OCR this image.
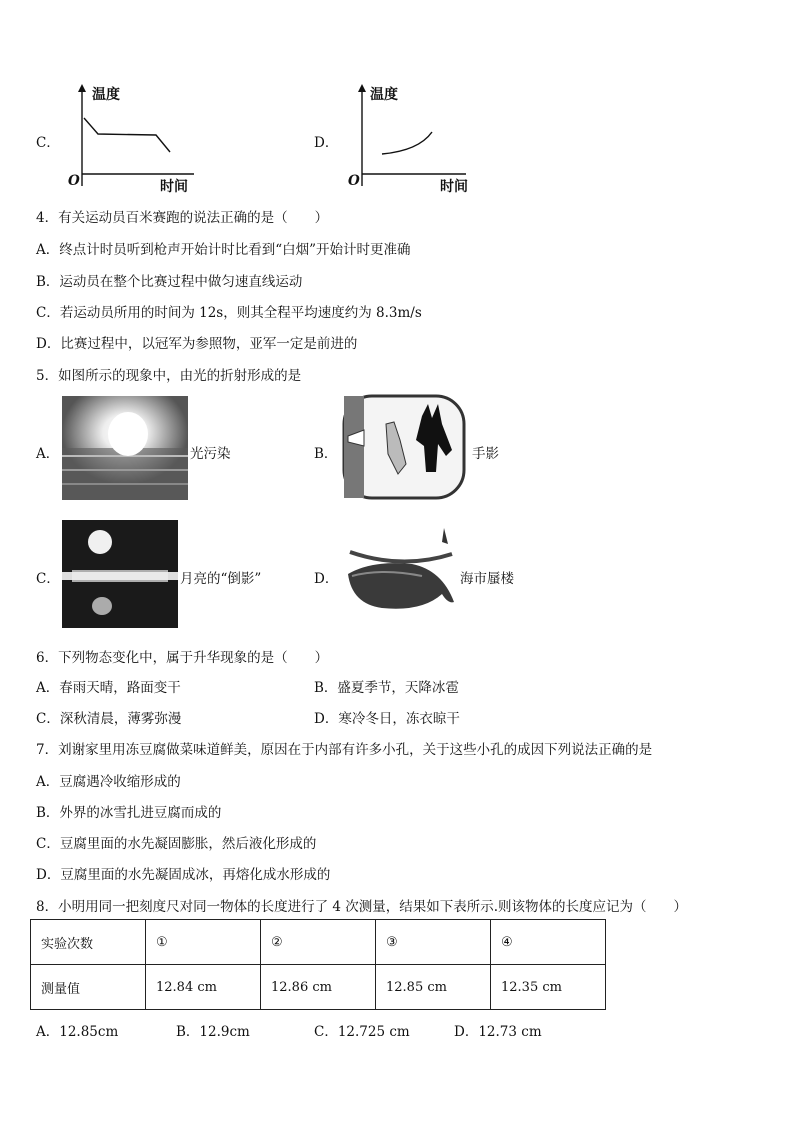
C．
温度
时间
O
D．
温度
时间
O
4．有关运动员百米赛跑的说法正确的是（　　）
A．终点计时员听到枪声开始计时比看到“白烟”开始计时更准确
B．运动员在整个比赛过程中做匀速直线运动
C．若运动员所用的时间为 12s，则其全程平均速度约为 8.3m/s
D．比赛过程中，以冠军为参照物，亚军一定是前进的
5．如图所示的现象中，由光的折射形成的是
A．	光污染	B．	手影
C．	月亮的“倒影”	D．	海市蜃楼
6．下列物态变化中，属于升华现象的是（　　）
A．春雨天晴，路面变干	B．盛夏季节，天降冰雹
C．深秋清晨，薄雾弥漫	D．寒冷冬日，冻衣晾干
7．刘谢家里用冻豆腐做菜味道鲜美，原因在于内部有许多小孔，关于这些小孔的成因下列说法正确的是
A．豆腐遇冷收缩形成的
B．外界的冰雪扎进豆腐而成的
C．豆腐里面的水先凝固膨胀，然后液化形成的
D．豆腐里面的水先凝固成冰，再熔化成水形成的
8．小明用同一把刻度尺对同一物体的长度进行了 4 次测量，结果如下表所示.则该物体的长度应记为（　　）
实验次数	①	②	③	④
测量值	12.84 cm	12.86 cm	12.85 cm	12.35 cm
A．12.85cm	B．12.9cm	C．12.725 cm	D．12.73 cm
